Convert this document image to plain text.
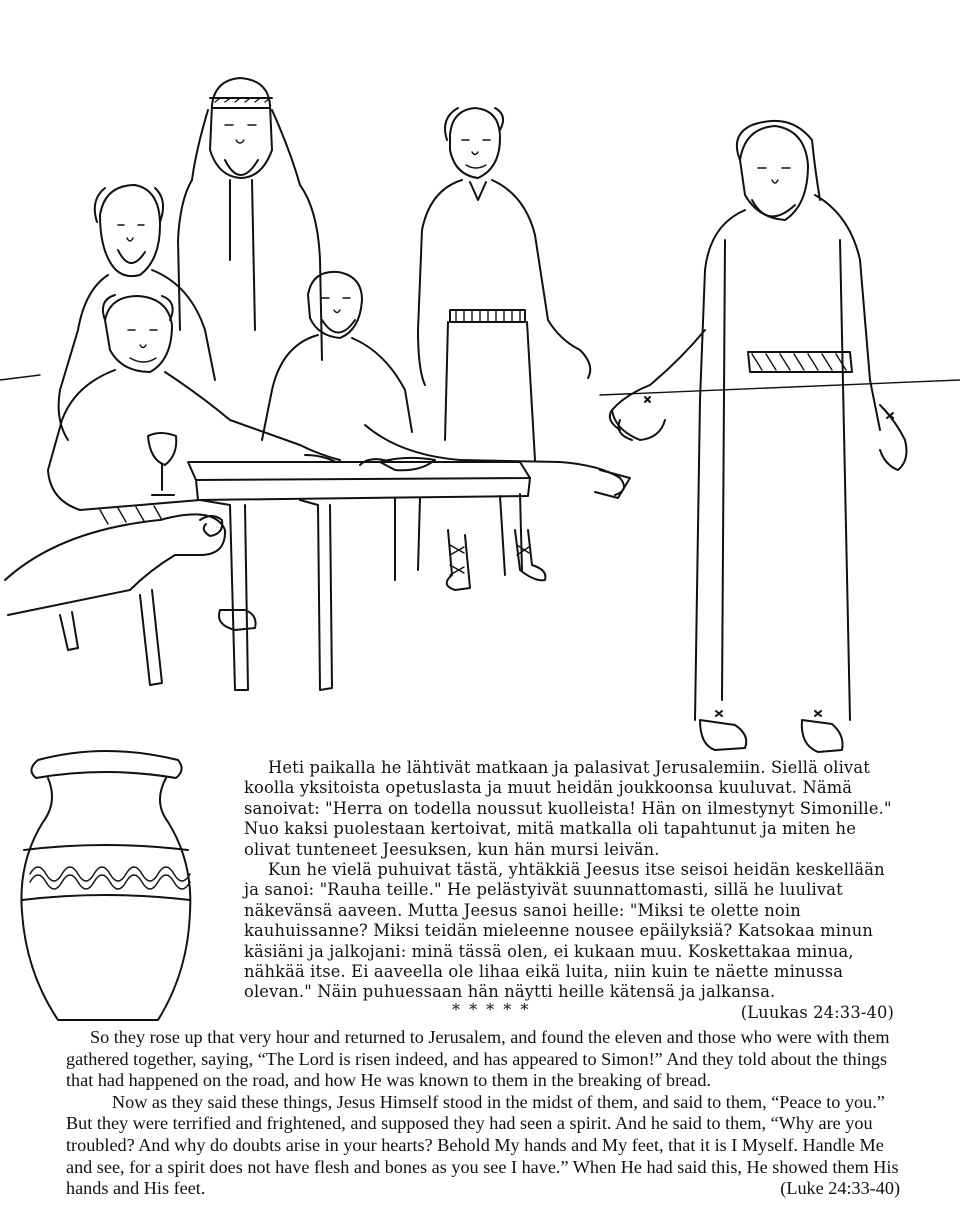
Heti paikalla he lähtivät matkaan ja palasivat Jerusalemiin. Siellä olivat koolla yksitoista opetuslasta ja muut heidän joukkoonsa kuuluvat. Nämä sanoivat: "Herra on todella noussut kuolleista! Hän on ilmestynyt Simonille." Nuo kaksi puolestaan kertoivat, mitä matkalla oli tapahtunut ja miten he olivat tunteneet Jeesuksen, kun hän mursi leivän.

Kun he vielä puhuivat tästä, yhtäkkiä Jeesus itse seisoi heidän keskellään ja sanoi: "Rauha teille." He pelästyivät suunnattomasti, sillä he luulivat näkevänsä aaveen. Mutta Jeesus sanoi heille: "Miksi te olette noin kauhuissanne? Miksi teidän mieleenne nousee epäilyksiä? Katsokaa minun käsiäni ja jalkojani: minä tässä olen, ei kukaan muu. Koskettakaa minua, nähkää itse. Ei aaveella ole lihaa eikä luita, niin kuin te näette minussa olevan." Näin puhuessaan hän näytti heille kätensä ja jalkansa.
(Luukas 24:33-40)

* * * * *

So they rose up that very hour and returned to Jerusalem, and found the eleven and those who were with them gathered together, saying, “The Lord is risen indeed, and has appeared to Simon!” And they told about the things that had happened on the road, and how He was known to them in the breaking of bread.

Now as they said these things, Jesus Himself stood in the midst of them, and said to them, “Peace to you.” But they were terrified and frightened, and supposed they had seen a spirit. And he said to them, “Why are you troubled? And why do doubts arise in your hearts? Behold My hands and My feet, that it is I Myself. Handle Me and see, for a spirit does not have flesh and bones as you see I have.” When He had said this, He showed them His hands and His feet.	(Luke 24:33-40)
